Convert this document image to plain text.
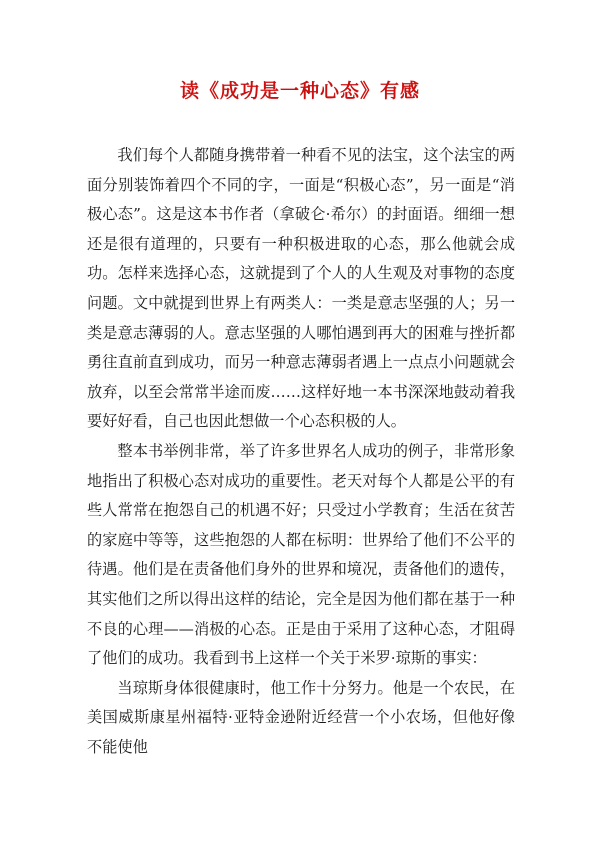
读《成功是一种心态》有感

我们每个人都随身携带着一种看不见的法宝，这个法宝的两面分别装饰着四个不同的字，一面是“积极心态”，另一面是“消极心态”。这是这本书作者（拿破仑·希尔）的封面语。细细一想还是很有道理的，只要有一种积极进取的心态，那么他就会成功。怎样来选择心态，这就提到了个人的人生观及对事物的态度问题。文中就提到世界上有两类人：一类是意志坚强的人；另一类是意志薄弱的人。意志坚强的人哪怕遇到再大的困难与挫折都勇往直前直到成功，而另一种意志薄弱者遇上一点点小问题就会放弃，以至会常常半途而废……这样好地一本书深深地鼓动着我要好好看，自己也因此想做一个心态积极的人。

整本书举例非常，举了许多世界名人成功的例子，非常形象地指出了积极心态对成功的重要性。老天对每个人都是公平的有些人常常在抱怨自己的机遇不好；只受过小学教育；生活在贫苦的家庭中等等，这些抱怨的人都在标明：世界给了他们不公平的待遇。他们是在责备他们身外的世界和境况，责备他们的遗传，其实他们之所以得出这样的结论，完全是因为他们都在基于一种不良的心理——消极的心态。正是由于采用了这种心态，才阻碍了他们的成功。我看到书上这样一个关于米罗·琼斯的事实：

当琼斯身体很健康时，他工作十分努力。他是一个农民，在美国威斯康星州福特·亚特金逊附近经营一个小农场，但他好像不能使他
